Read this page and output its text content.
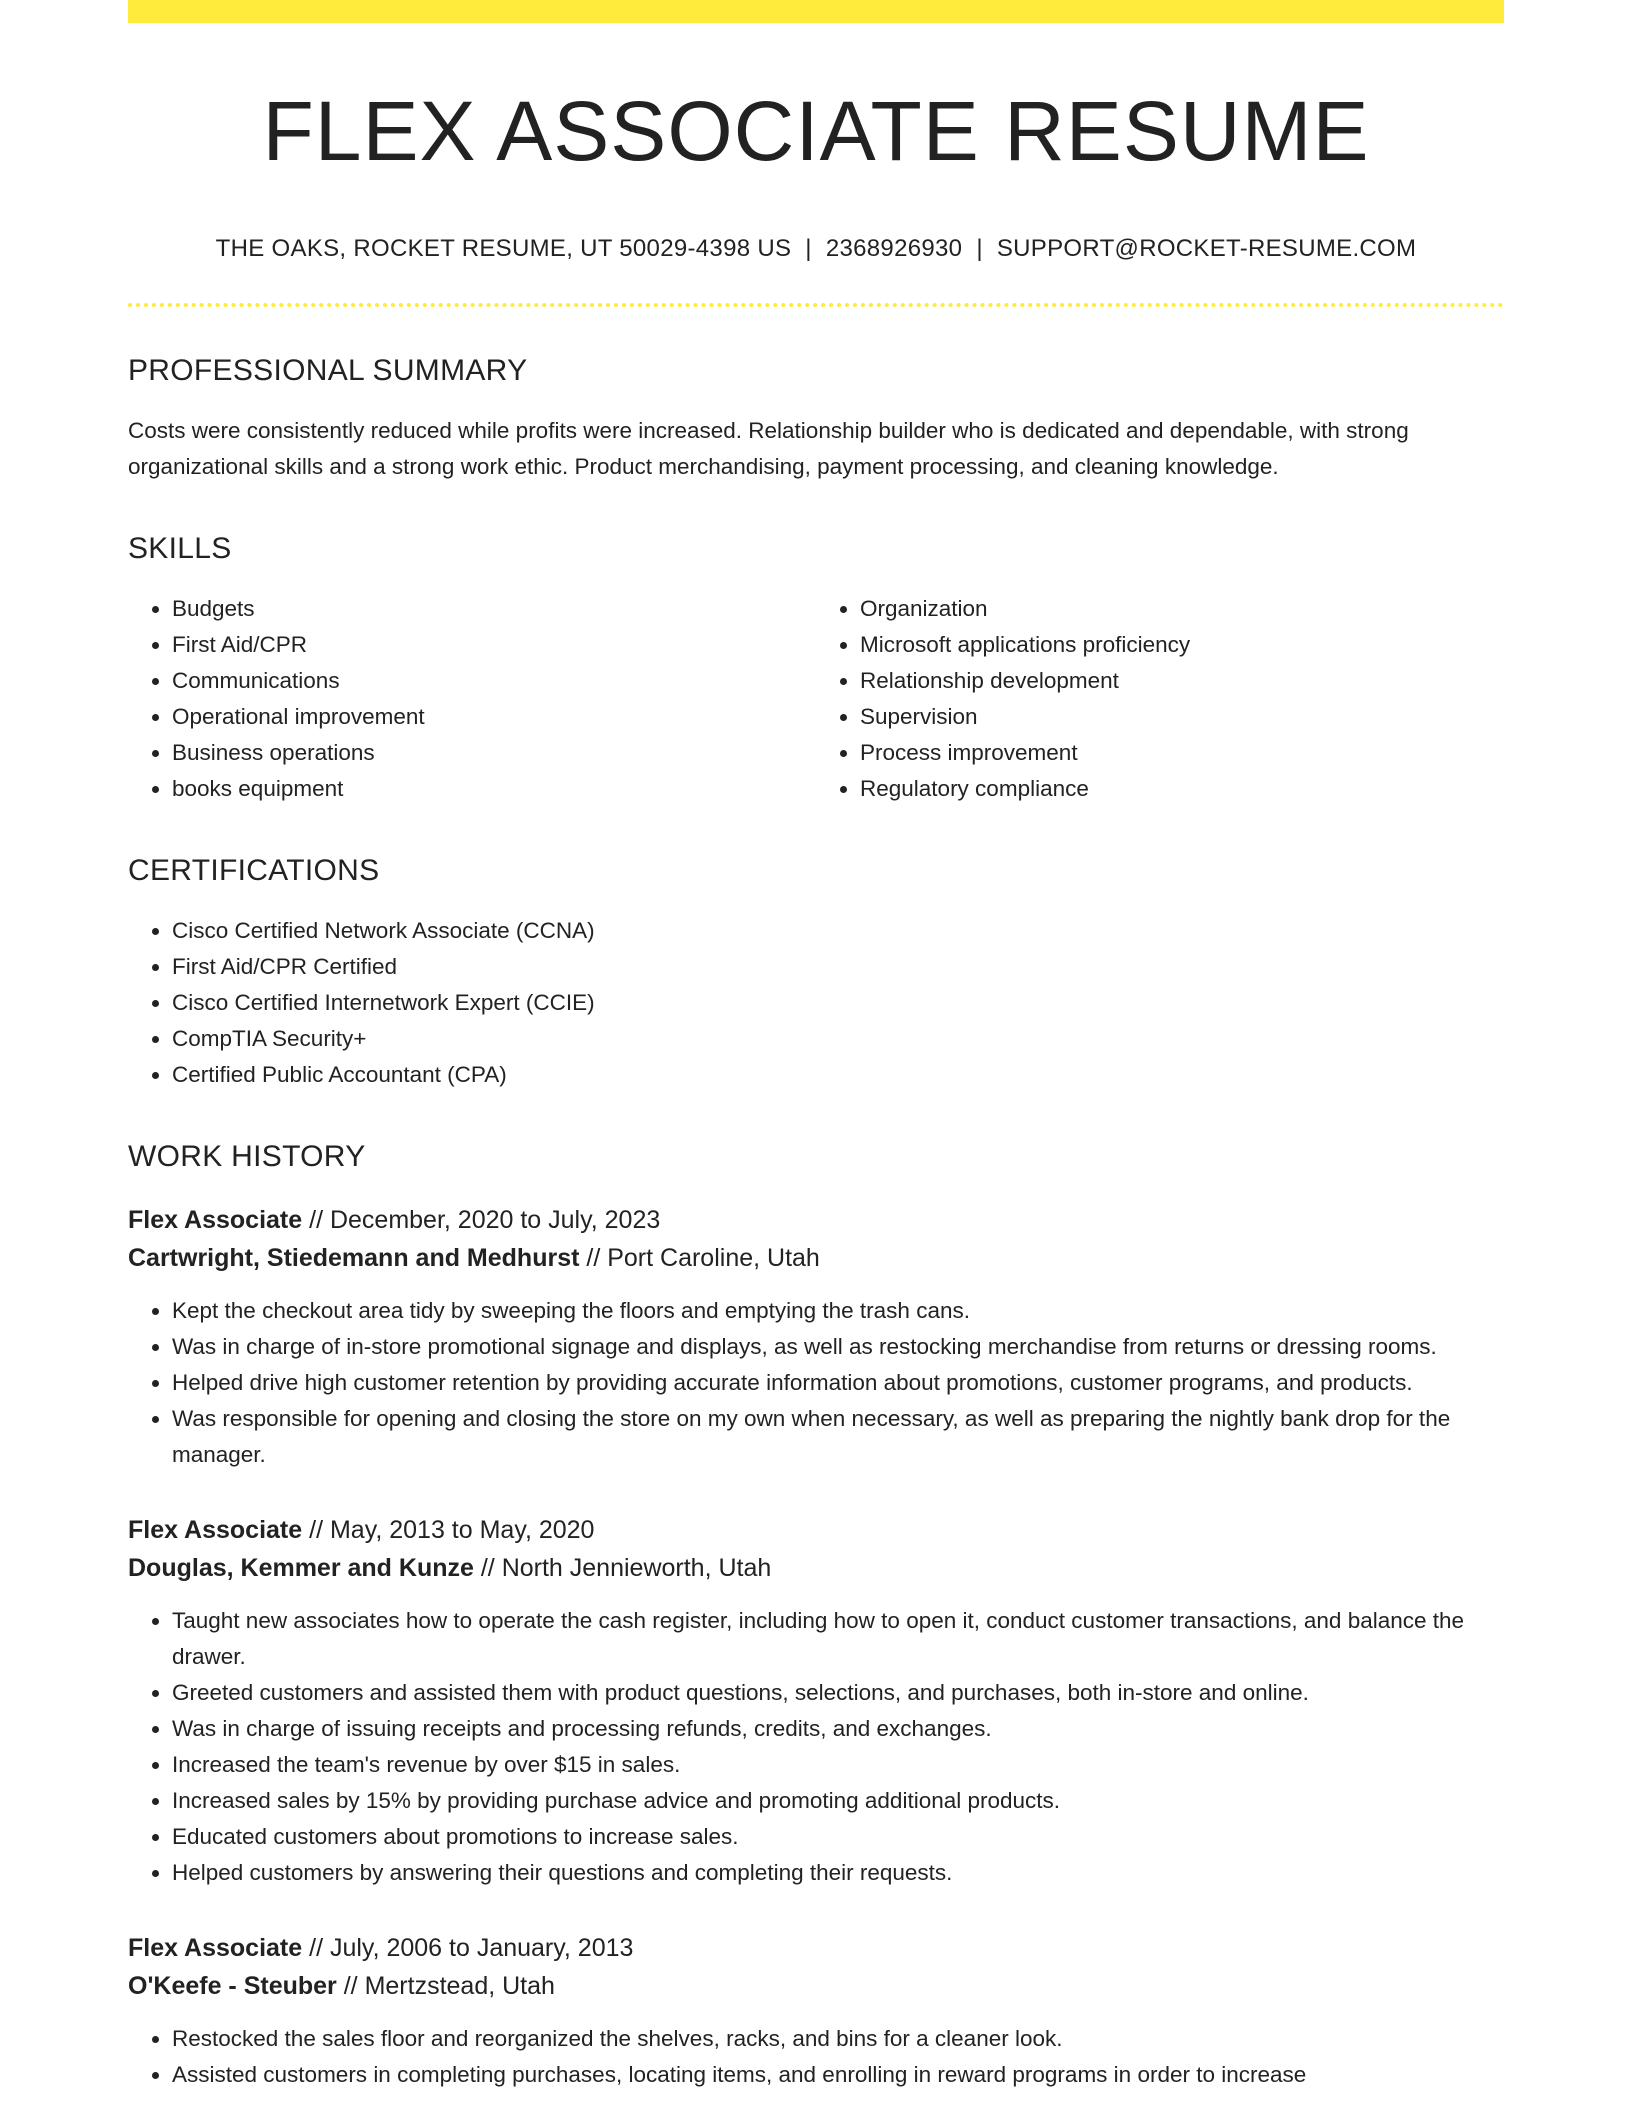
FLEX ASSOCIATE RESUME
THE OAKS, ROCKET RESUME, UT 50029-4398 US | 2368926930 | SUPPORT@ROCKET-RESUME.COM
PROFESSIONAL SUMMARY

Costs were consistently reduced while profits were increased. Relationship builder who is dedicated and dependable, with strong organizational skills and a strong work ethic. Product merchandising, payment processing, and cleaning knowledge.

SKILLS
• Budgets
• First Aid/CPR
• Communications
• Operational improvement
• Business operations
• books equipment
• Organization
• Microsoft applications proficiency
• Relationship development
• Supervision
• Process improvement
• Regulatory compliance
CERTIFICATIONS
• Cisco Certified Network Associate (CCNA)
• First Aid/CPR Certified
• Cisco Certified Internetwork Expert (CCIE)
• CompTIA Security+
• Certified Public Accountant (CPA)
WORK HISTORY
Flex Associate // December, 2020 to July, 2023
Cartwright, Stiedemann and Medhurst // Port Caroline, Utah
• Kept the checkout area tidy by sweeping the floors and emptying the trash cans.
• Was in charge of in-store promotional signage and displays, as well as restocking merchandise from returns or dressing rooms.
• Helped drive high customer retention by providing accurate information about promotions, customer programs, and products.
• Was responsible for opening and closing the store on my own when necessary, as well as preparing the nightly bank drop for the manager.
Flex Associate // May, 2013 to May, 2020
Douglas, Kemmer and Kunze // North Jennieworth, Utah
• Taught new associates how to operate the cash register, including how to open it, conduct customer transactions, and balance the drawer.
• Greeted customers and assisted them with product questions, selections, and purchases, both in-store and online.
• Was in charge of issuing receipts and processing refunds, credits, and exchanges.
• Increased the team's revenue by over $15 in sales.
• Increased sales by 15% by providing purchase advice and promoting additional products.
• Educated customers about promotions to increase sales.
• Helped customers by answering their questions and completing their requests.
Flex Associate // July, 2006 to January, 2013
O'Keefe - Steuber // Mertzstead, Utah
• Restocked the sales floor and reorganized the shelves, racks, and bins for a cleaner look.
• Assisted customers in completing purchases, locating items, and enrolling in reward programs in order to increase
